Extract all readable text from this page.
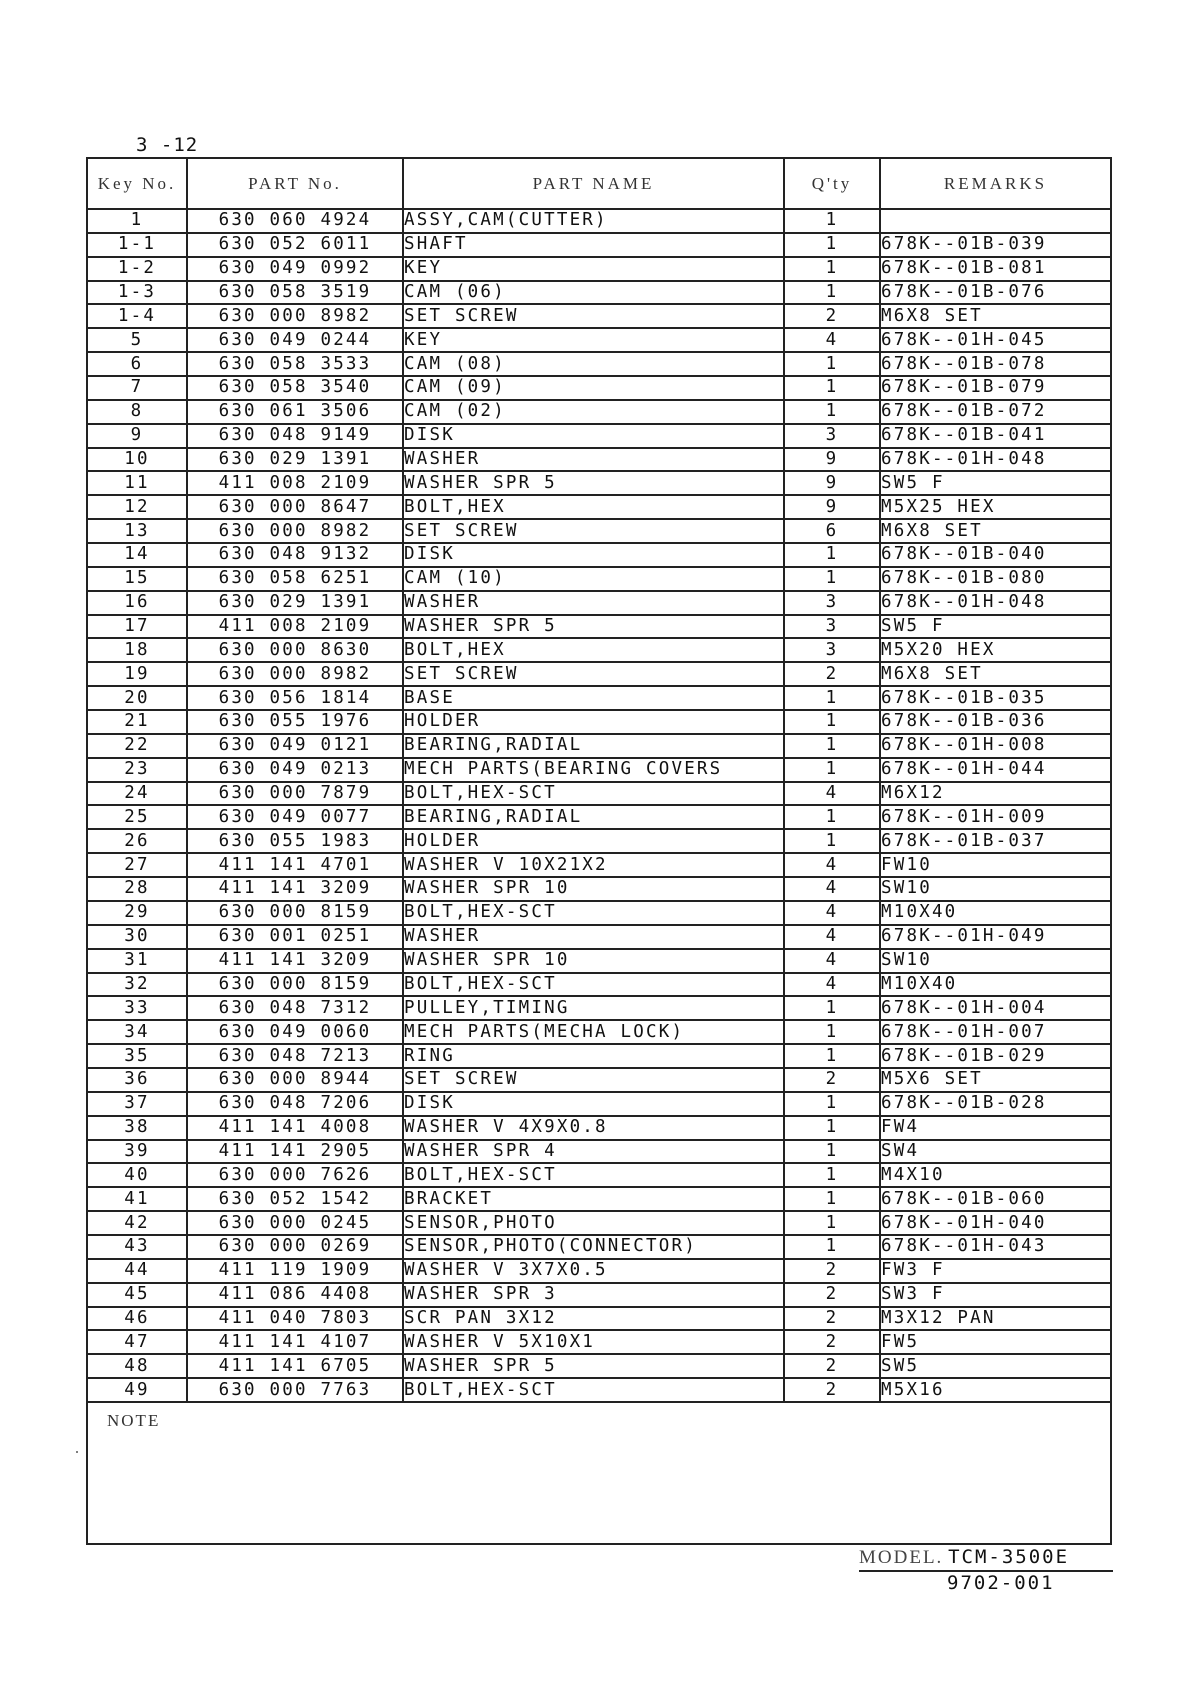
3 -12
Key No.	PART No.	PART NAME	Q'ty	REMARKS
1	630 060 4924	ASSY,CAM(CUTTER)	1	
1-1	630 052 6011	SHAFT	1	678K--01B-039
1-2	630 049 0992	KEY	1	678K--01B-081
1-3	630 058 3519	CAM (06)	1	678K--01B-076
1-4	630 000 8982	SET SCREW	2	M6X8 SET
5	630 049 0244	KEY	4	678K--01H-045
6	630 058 3533	CAM (08)	1	678K--01B-078
7	630 058 3540	CAM (09)	1	678K--01B-079
8	630 061 3506	CAM (02)	1	678K--01B-072
9	630 048 9149	DISK	3	678K--01B-041
10	630 029 1391	WASHER	9	678K--01H-048
11	411 008 2109	WASHER SPR 5	9	SW5 F
12	630 000 8647	BOLT,HEX	9	M5X25 HEX
13	630 000 8982	SET SCREW	6	M6X8 SET
14	630 048 9132	DISK	1	678K--01B-040
15	630 058 6251	CAM (10)	1	678K--01B-080
16	630 029 1391	WASHER	3	678K--01H-048
17	411 008 2109	WASHER SPR 5	3	SW5 F
18	630 000 8630	BOLT,HEX	3	M5X20 HEX
19	630 000 8982	SET SCREW	2	M6X8 SET
20	630 056 1814	BASE	1	678K--01B-035
21	630 055 1976	HOLDER	1	678K--01B-036
22	630 049 0121	BEARING,RADIAL	1	678K--01H-008
23	630 049 0213	MECH PARTS(BEARING COVERS	1	678K--01H-044
24	630 000 7879	BOLT,HEX-SCT	4	M6X12
25	630 049 0077	BEARING,RADIAL	1	678K--01H-009
26	630 055 1983	HOLDER	1	678K--01B-037
27	411 141 4701	WASHER V 10X21X2	4	FW10
28	411 141 3209	WASHER SPR 10	4	SW10
29	630 000 8159	BOLT,HEX-SCT	4	M10X40
30	630 001 0251	WASHER	4	678K--01H-049
31	411 141 3209	WASHER SPR 10	4	SW10
32	630 000 8159	BOLT,HEX-SCT	4	M10X40
33	630 048 7312	PULLEY,TIMING	1	678K--01H-004
34	630 049 0060	MECH PARTS(MECHA LOCK)	1	678K--01H-007
35	630 048 7213	RING	1	678K--01B-029
36	630 000 8944	SET SCREW	2	M5X6 SET
37	630 048 7206	DISK	1	678K--01B-028
38	411 141 4008	WASHER V 4X9X0.8	1	FW4
39	411 141 2905	WASHER SPR 4	1	SW4
40	630 000 7626	BOLT,HEX-SCT	1	M4X10
41	630 052 1542	BRACKET	1	678K--01B-060
42	630 000 0245	SENSOR,PHOTO	1	678K--01H-040
43	630 000 0269	SENSOR,PHOTO(CONNECTOR)	1	678K--01H-043
44	411 119 1909	WASHER V 3X7X0.5	2	FW3 F
45	411 086 4408	WASHER SPR 3	2	SW3 F
46	411 040 7803	SCR PAN 3X12	2	M3X12 PAN
47	411 141 4107	WASHER V 5X10X1	2	FW5
48	411 141 6705	WASHER SPR 5	2	SW5
49	630 000 7763	BOLT,HEX-SCT	2	M5X16
NOTE
MODEL. TCM-3500E
9702-001
